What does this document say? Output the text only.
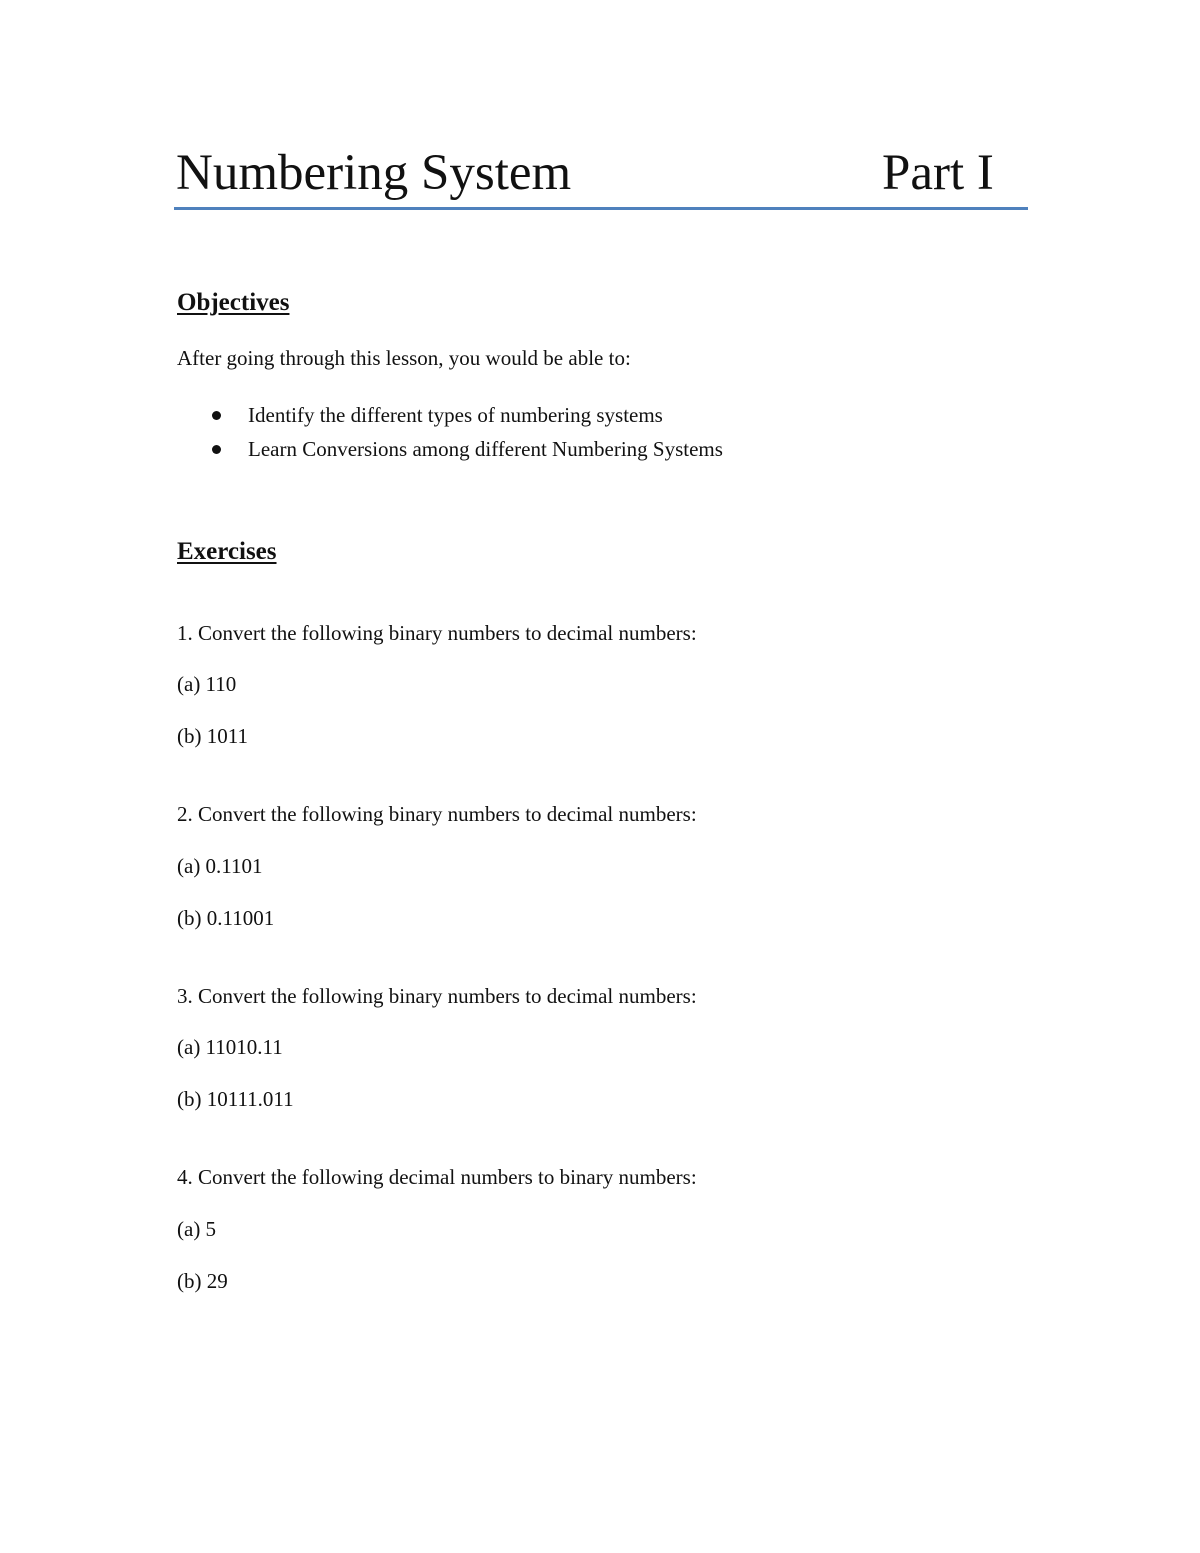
Numbering System	Part I
Objectives
After going through this lesson, you would be able to:
Identify the different types of numbering systems
Learn Conversions among different Numbering Systems
Exercises
1. Convert the following binary numbers to decimal numbers:
(a) 110
(b) 1011
2. Convert the following binary numbers to decimal numbers:
(a) 0.1101
(b) 0.11001
3. Convert the following binary numbers to decimal numbers:
(a) 11010.11
(b) 10111.011
4. Convert the following decimal numbers to binary numbers:
(a) 5
(b) 29
